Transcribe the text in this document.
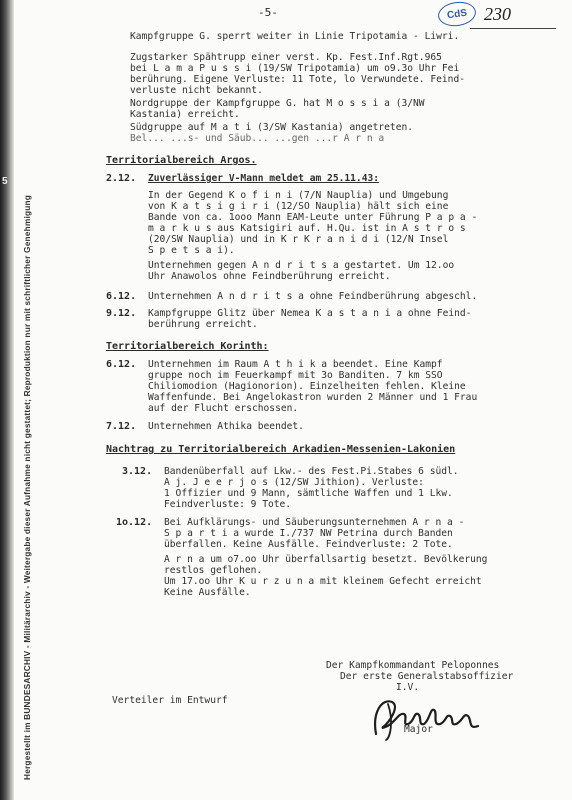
5
Hergestellt im BUNDESARCHIV - Militärarchiv - Weitergabe dieser Aufnahme nicht gestattet; Reproduktion nur mit schriftlicher Genehmigung
-5-	CdS 230
Kampfgruppe G. sperrt weiter in Linie Tripotamia - Liwri.
Zugstarker Spähtrupp einer verst. Kp. Fest.Inf.Rgt.965
bei L a m a P u s s i (19/SW Tripotamia) um o9.3o Uhr Fei
berührung. Eigene Verluste: 11 Tote, lo Verwundete. Feind-
verluste nicht bekannt.
Nordgruppe der Kampfgruppe G. hat M o s s i a (3/NW
Kastania) erreicht.
Südgruppe auf M a t i (3/SW Kastania) angetreten.
Bel... ...s- und Säub... ...gen ...r A r n a
Territorialbereich Argos.
2.12. Zuverlässiger V-Mann meldet am 25.11.43:
In der Gegend K o f i n i (7/N Nauplia) und Umgebung
von K a t s i g i r i (12/SO Nauplia) hält sich eine
Bande von ca. 1ooo Mann EAM-Leute unter Führung P a p a -
m a r k u s aus Katsigiri auf. H.Qu. ist in A s t r o s
(20/SW Nauplia) und in K r K r a n i d i (12/N Insel
S p e t s a i).
Unternehmen gegen A n d r i t s a gestartet. Um 12.oo
Uhr Anawolos ohne Feindberührung erreicht.
6.12. Unternehmen A n d r i t s a ohne Feindberührung abgeschl.
9.12. Kampfgruppe Glitz über Nemea K a s t a n i a ohne Feind-
berührung erreicht.
Territorialbereich Korinth:
6.12. Unternehmen im Raum A t h i k a beendet. Eine Kampf
gruppe noch im Feuerkampf mit 3o Banditen. 7 km SSO
Chiliomodion (Hagionorion). Einzelheiten fehlen. Kleine
Waffenfunde. Bei Angelokastron wurden 2 Männer und 1 Frau
auf der Flucht erschossen.
7.12. Unternehmen Athika beendet.
Nachtrag zu Territorialbereich Arkadien-Messenien-Lakonien
3.12. Bandenüberfall auf Lkw.- des Fest.Pi.Stabes 6 südl.
A j. J e e r j o s (12/SW Jithion). Verluste:
1 Offizier und 9 Mann, sämtliche Waffen und 1 Lkw.
Feindverluste: 9 Tote.
1o.12. Bei Aufklärungs- und Säuberungsunternehmen A r n a -
S p a r t i a wurde I./737 NW Petrina durch Banden
überfallen. Keine Ausfälle. Feindverluste: 2 Tote.
A r n a um o7.oo Uhr überfallsartig besetzt. Bevölkerung
restlos geflohen.
Um 17.oo Uhr K u r z u n a mit kleinem Gefecht erreicht
Keine Ausfälle.
Der Kampfkommandant Peloponnes
Der erste Generalstabsoffizier
I.V.
Verteiler im Entwurf
Major
